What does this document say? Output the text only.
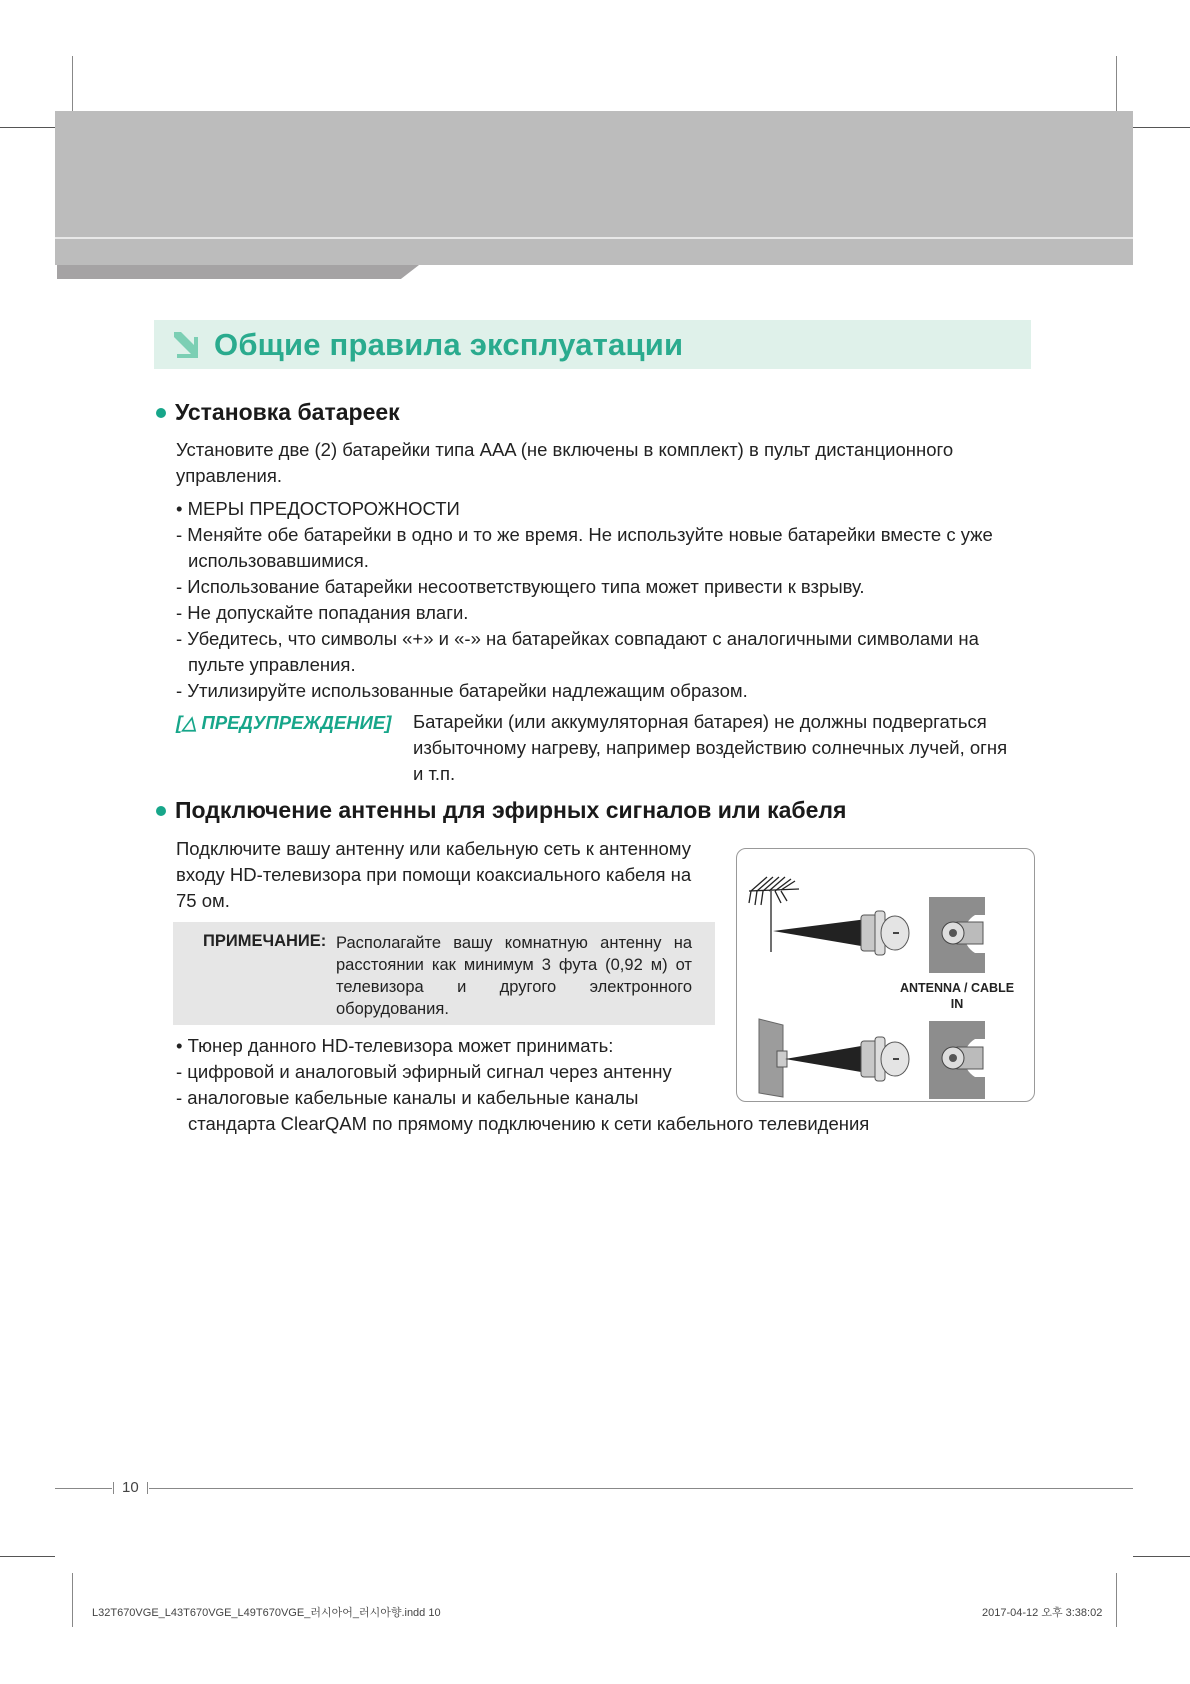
Общие правила эксплуатации
Установка батареек
Установите две (2) батарейки типа AAA (не включены в комплект) в пульт дистанционного
управления.
• МЕРЫ ПРЕДОСТОРОЖНОСТИ
- Меняйте обе батарейки в одно и то же время. Не используйте новые батарейки вместе с уже
использовавшимися.
- Использование батарейки несоответствующего типа может привести к взрыву.
- Не допускайте попадания влаги.
- Убедитесь, что символы «+» и «-» на батарейках совпадают с аналогичными символами на
пульте управления.
- Утилизируйте использованные батарейки надлежащим образом.
[△ ПРЕДУПРЕЖДЕНИЕ] Батарейки (или аккумуляторная батарея) не должны подвергаться
избыточному нагреву, например воздействию солнечных лучей, огня
и т.п.
Подключение антенны для эфирных сигналов или кабеля
Подключите вашу антенну или кабельную сеть к антенному
входу HD-телевизора при помощи коаксиального кабеля на
75 ом.
ПРИМЕЧАНИЕ: Располагайте вашу комнатную антенну на расстоянии как минимум 3 фута (0,92 м) от телевизора и другого электронного оборудования.
• Тюнер данного HD-телевизора может принимать:
- цифровой и аналоговый эфирный сигнал через антенну
- аналоговые кабельные каналы и кабельные каналы
стандарта ClearQAM по прямому подключению к сети кабельного телевидения
ANTENNA / CABLE
IN
10
L32T670VGE_L43T670VGE_L49T670VGE_러시아어_러시아향.indd 10	2017-04-12 오후 3:38:02
